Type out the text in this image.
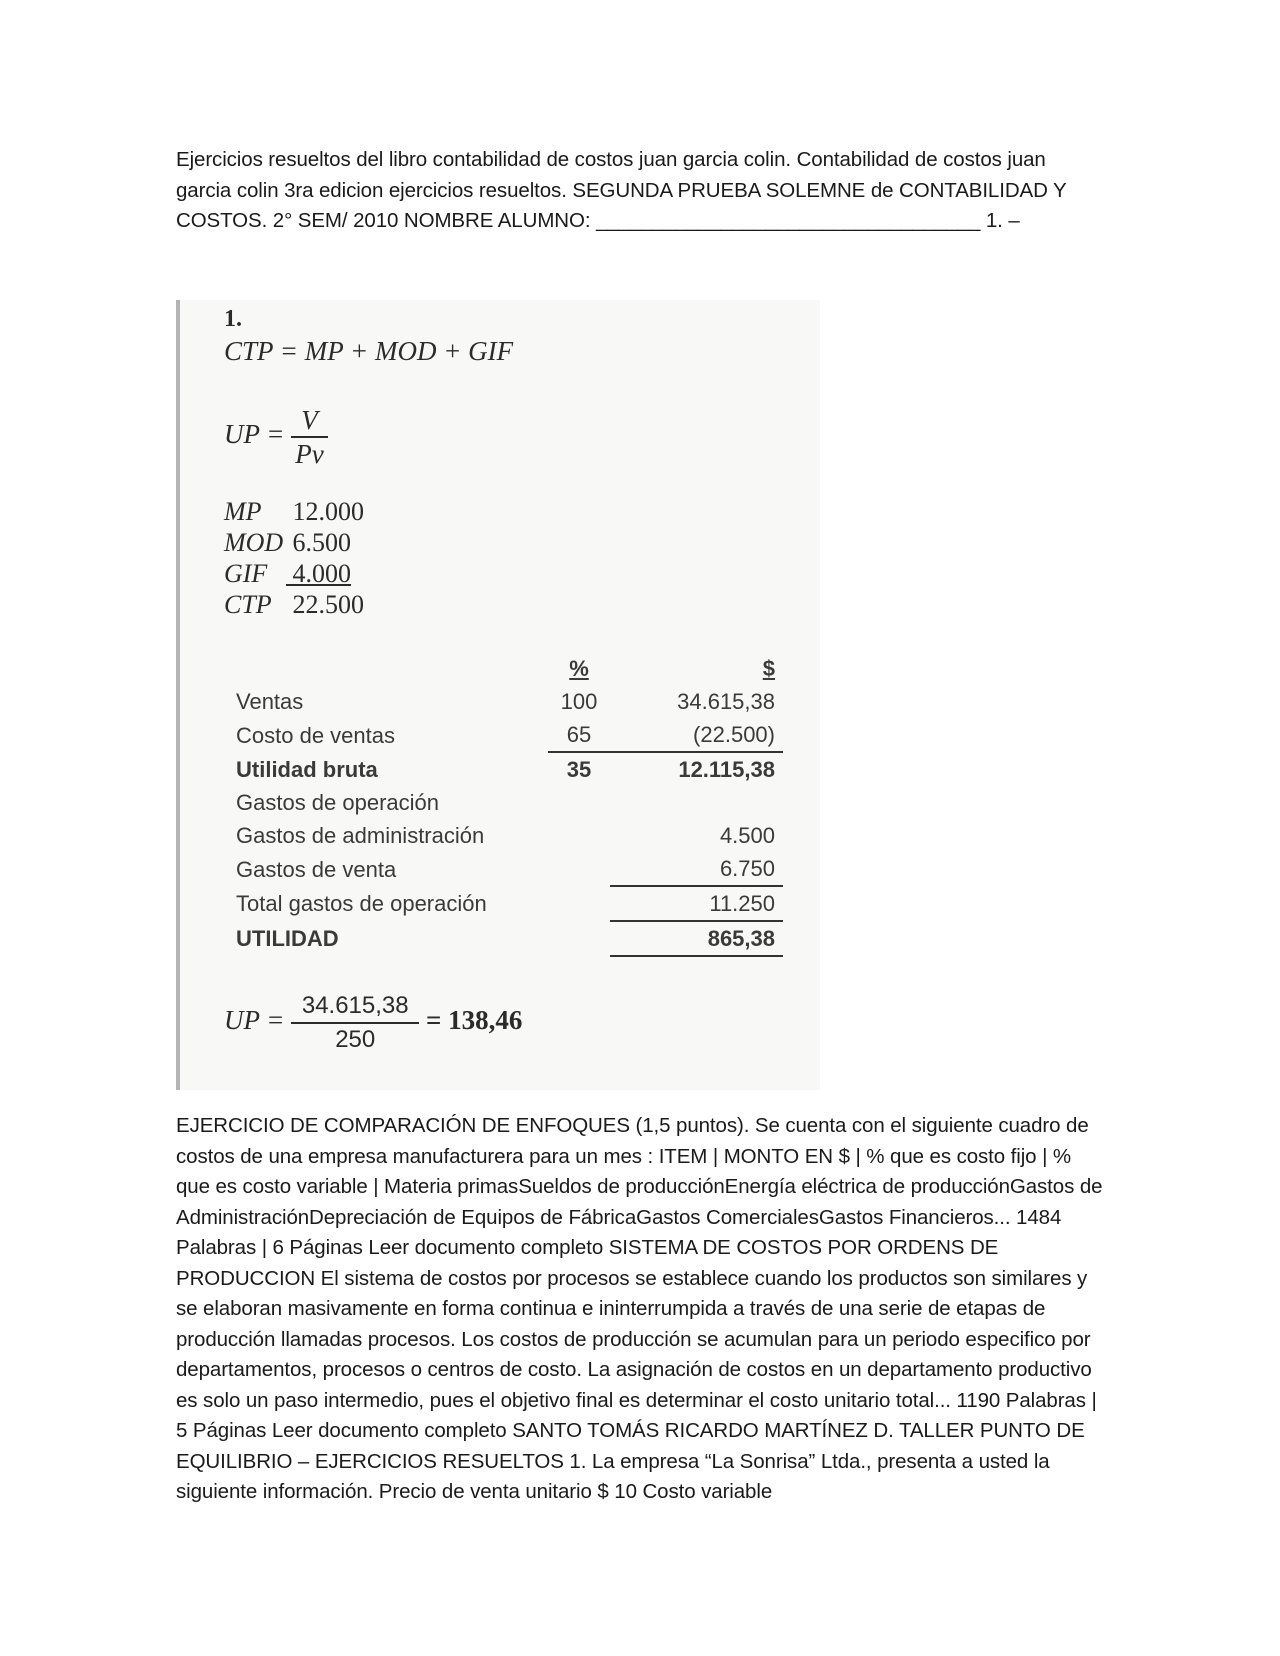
Ejercicios resueltos del libro contabilidad de costos juan garcia colin. Contabilidad de costos juan garcia colin 3ra edicion ejercicios resueltos. SEGUNDA PRUEBA SOLEMNE de CONTABILIDAD Y COSTOS. 2° SEM/ 2010 NOMBRE ALUMNO: __________________________________ 1. –

1.
CTP = MP + MOD + GIF
UP = $\frac{V}{Pv}$
MP 12.000
MOD 6.500
GIF 4.000
CTP 22.500
	%	$
Ventas	100	34.615,38
Costo de ventas	65	(22.500)
Utilidad bruta	35	12.115,38
Gastos de operación		
Gastos de administración		4.500
Gastos de venta		6.750
Total gastos de operación		11.250
UTILIDAD		865,38
UP = $\frac{34.615,38}{250} = 138,46$

EJERCICIO DE COMPARACIÓN DE ENFOQUES (1,5 puntos). Se cuenta con el siguiente cuadro de costos de una empresa manufacturera para un mes : ITEM | MONTO EN $ | % que es costo fijo | % que es costo variable | Materia primasSueldos de producciónEnergía eléctrica de producciónGastos de AdministraciónDepreciación de Equipos de FábricaGastos ComercialesGastos Financieros... 1484 Palabras | 6 Páginas Leer documento completo SISTEMA DE COSTOS POR ORDENS DE PRODUCCION El sistema de costos por procesos se establece cuando los productos son similares y se elaboran masivamente en forma continua e ininterrumpida a través de una serie de etapas de producción llamadas procesos. Los costos de producción se acumulan para un periodo especifico por departamentos, procesos o centros de costo. La asignación de costos en un departamento productivo es solo un paso intermedio, pues el objetivo final es determinar el costo unitario total... 1190 Palabras | 5 Páginas Leer documento completo SANTO TOMÁS RICARDO MARTÍNEZ D. TALLER PUNTO DE EQUILIBRIO – EJERCICIOS RESUELTOS 1. La empresa “La Sonrisa” Ltda., presenta a usted la siguiente información. Precio de venta unitario $ 10 Costo variable
